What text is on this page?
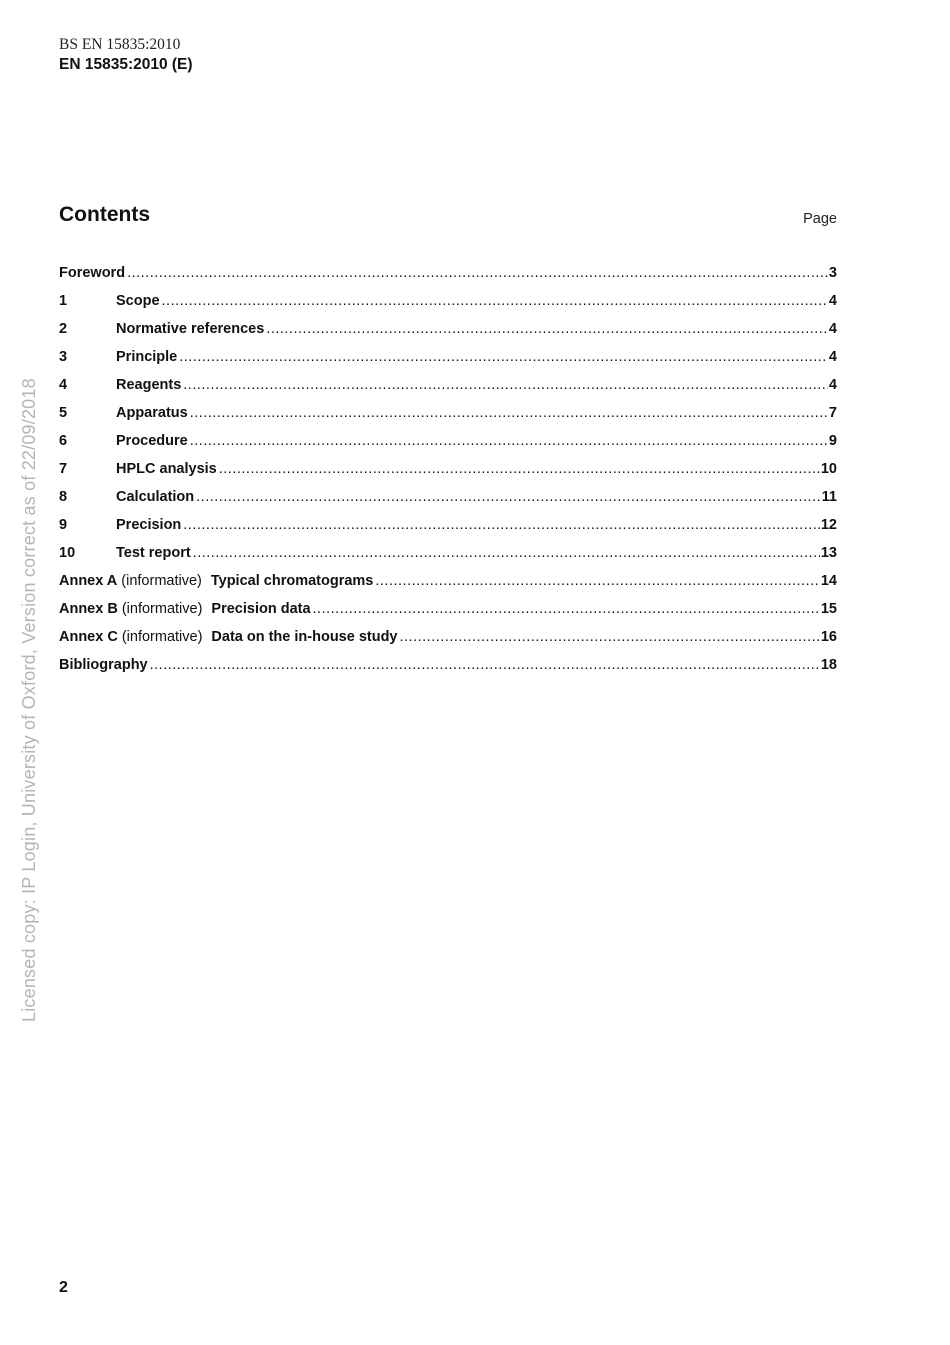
BS EN 15835:2010
EN 15835:2010 (E)
Contents	Page
Foreword .....	3
1	Scope .....	4
2	Normative references .....	4
3	Principle .....	4
4	Reagents .....	4
5	Apparatus .....	7
6	Procedure .....	9
7	HPLC analysis .....	10
8	Calculation .....	11
9	Precision .....	12
10	Test report .....	13
Annex A (informative) Typical chromatograms .....	14
Annex B (informative) Precision data .....	15
Annex C (informative) Data on the in-house study .....	16
Bibliography .....	18
Licensed copy: IP Login, University of Oxford, Version correct as of 22/09/2018
2
